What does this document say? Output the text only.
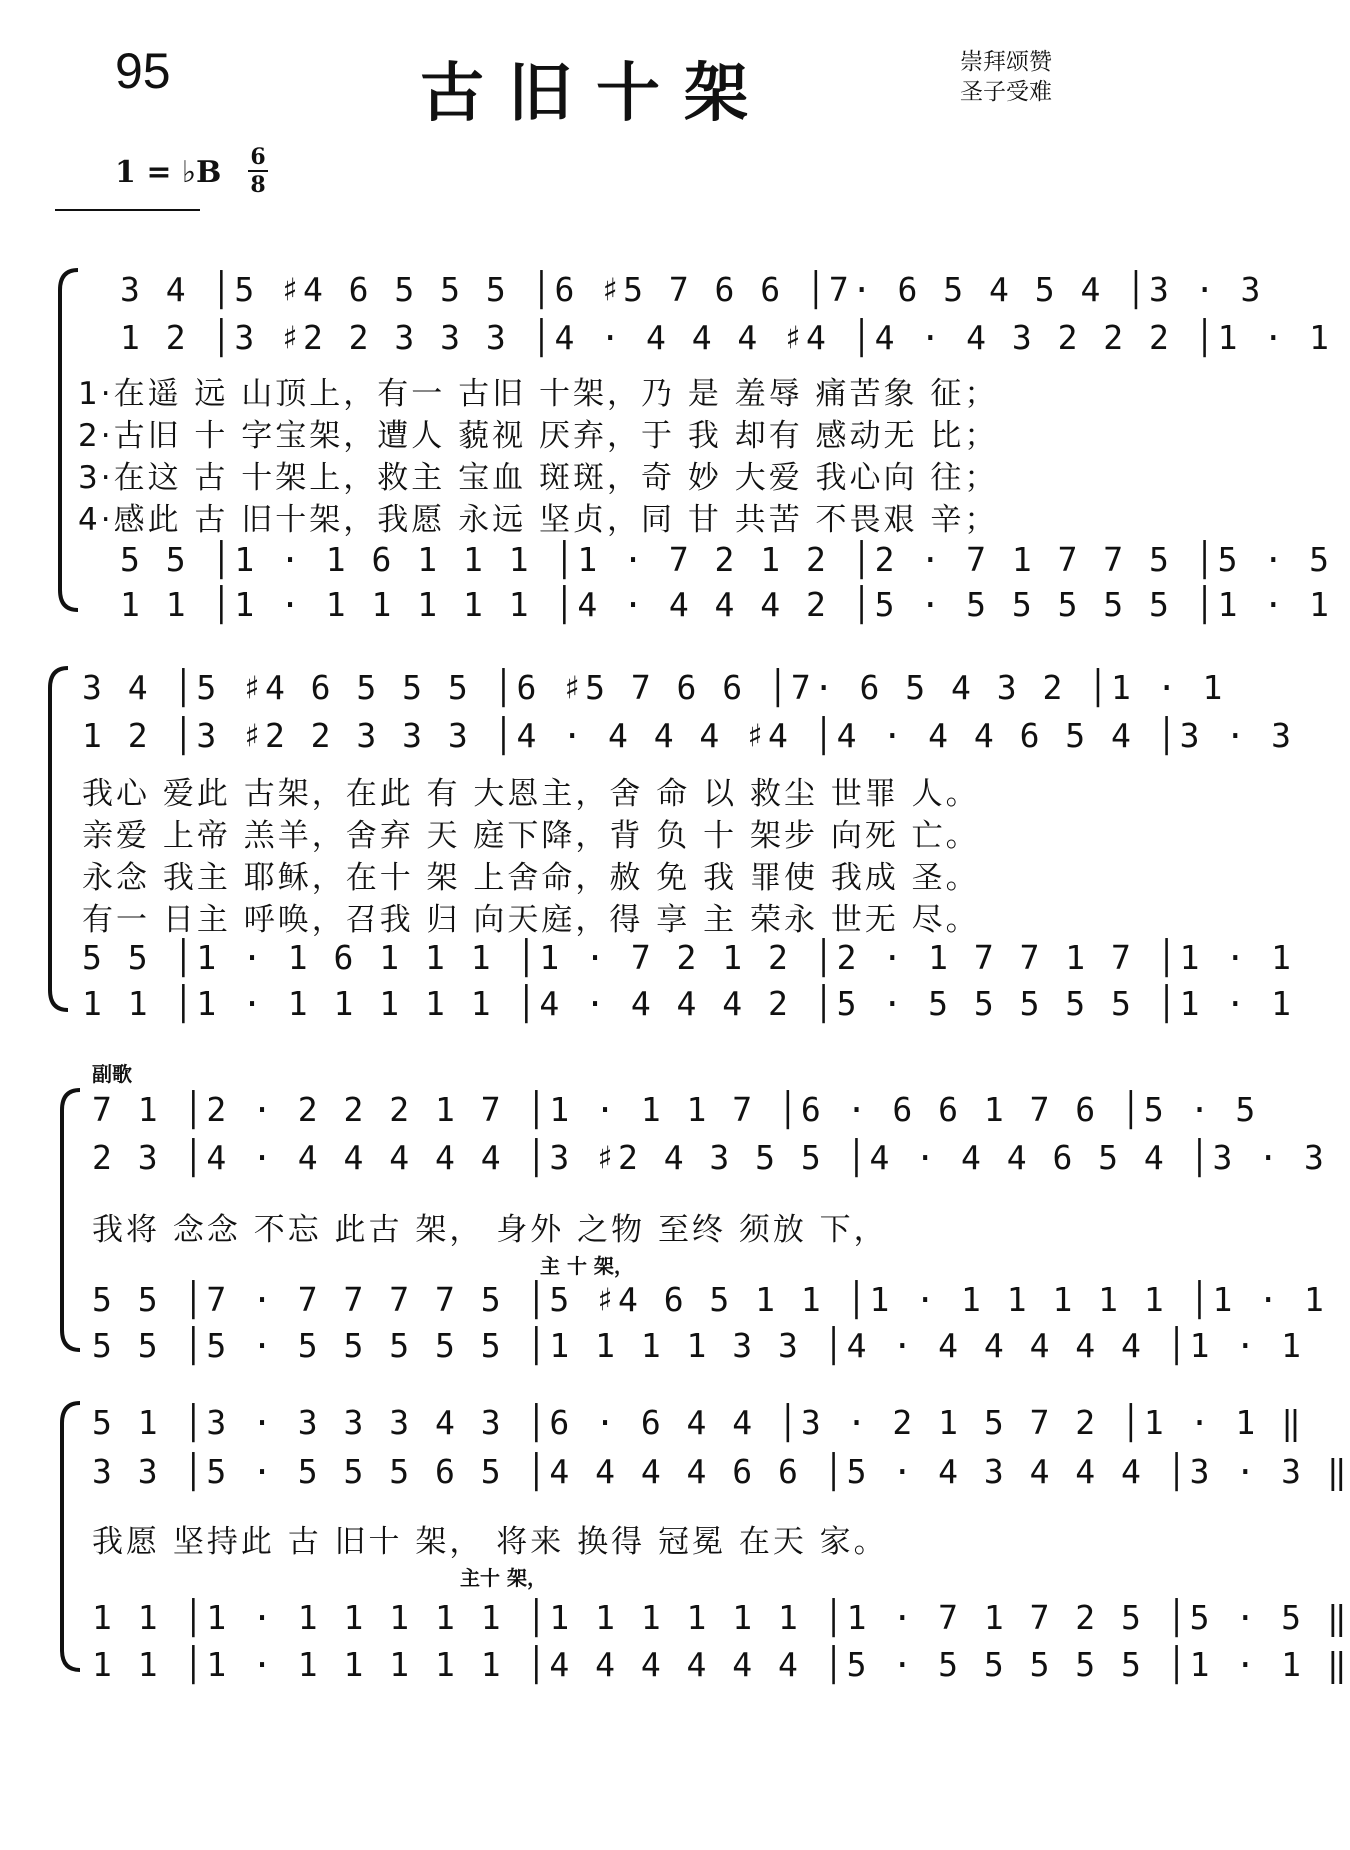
95	古旧十架	崇拜颂赞
圣子受难
1 = ♭B 6
8
3 4 │5 ♯4 6 5 5 5 │6 ♯5 7 6 6 │7· 6 5 4 5 4 │3 · 3
1 2 │3 ♯2 2 3 3 3 │4 · 4 4 4 ♯4 │4 · 4 3 2 2 2 │1 · 1
1·在遥 远 山顶上，有一 古旧 十架，乃 是 羞辱 痛苦象 征；
2·古旧 十 字宝架，遭人 藐视 厌弃，于 我 却有 感动无 比；
3·在这 古 十架上，救主 宝血 斑斑，奇 妙 大爱 我心向 往；
4·感此 古 旧十架，我愿 永远 坚贞，同 甘 共苦 不畏艰 辛；
5 5 │1 · 1 6 1 1 1 │1 · 7 2 1 2 │2 · 7 1 7 7 5 │5 · 5
1 1 │1 · 1 1 1 1 1 │4 · 4 4 4 2 │5 · 5 5 5 5 5 │1 · 1
3 4 │5 ♯4 6 5 5 5 │6 ♯5 7 6 6 │7· 6 5 4 3 2 │1 · 1
1 2 │3 ♯2 2 3 3 3 │4 · 4 4 4 ♯4 │4 · 4 4 6 5 4 │3 · 3
我心 爱此 古架，在此 有 大恩主，舍 命 以 救尘 世罪 人。
亲爱 上帝 羔羊，舍弃 天 庭下降，背 负 十 架步 向死 亡。
永念 我主 耶稣，在十 架 上舍命，赦 免 我 罪使 我成 圣。
有一 日主 呼唤，召我 归 向天庭，得 享 主 荣永 世无 尽。
5 5 │1 · 1 6 1 1 1 │1 · 7 2 1 2 │2 · 1 7 7 1 7 │1 · 1
1 1 │1 · 1 1 1 1 1 │4 · 4 4 4 2 │5 · 5 5 5 5 5 │1 · 1
副歌
7 1 │2 · 2 2 2 1 7 │1 · 1 1 7 │6 · 6 6 1 7 6 │5 · 5
2 3 │4 · 4 4 4 4 4 │3 ♯2 4 3 5 5 │4 · 4 4 6 5 4 │3 · 3
我将 念念 不忘 此古 架， 身外 之物 至终 须放 下，
主 十 架，
5 5 │7 · 7 7 7 7 5 │5 ♯4 6 5 1 1 │1 · 1 1 1 1 1 │1 · 1
5 5 │5 · 5 5 5 5 5 │1 1 1 1 3 3 │4 · 4 4 4 4 4 │1 · 1
5 1 │3 · 3 3 3 4 3 │6 · 6 4 4 │3 · 2 1 5 7 2 │1 · 1 ‖
3 3 │5 · 5 5 5 6 5 │4 4 4 4 6 6 │5 · 4 3 4 4 4 │3 · 3 ‖
我愿 坚持此 古 旧十 架， 将来 换得 冠冕 在天 家。
主十 架，
1 1 │1 · 1 1 1 1 1 │1 1 1 1 1 1 │1 · 7 1 7 2 5 │5 · 5 ‖
1 1 │1 · 1 1 1 1 1 │4 4 4 4 4 4 │5 · 5 5 5 5 5 │1 · 1 ‖
